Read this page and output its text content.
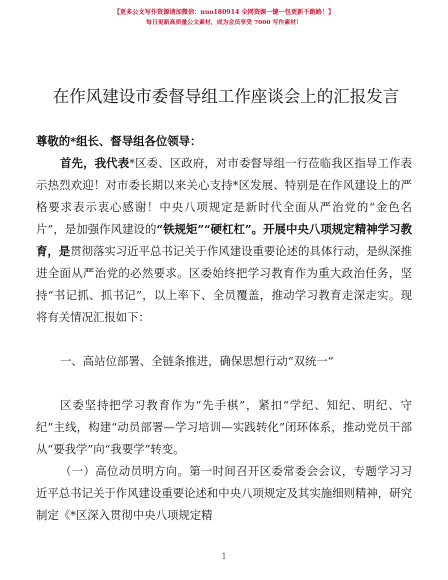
【更多公文写作资源请加微信：nuo180914 全网资源一键一包更新不跑路！】
每日更新高质量公文素材，成为会员享受 7000 写作素材！
在作风建设市委督导组工作座谈会上的汇报发言
尊敬的*组长、督导组各位领导：
首先，我代表*区委、区政府，对市委督导组一行莅临我区指导工作表示热烈欢迎！对市委长期以来关心支持*区发展、特别是在作风建设上的严格要求表示衷心感谢！中央八项规定是新时代全面从严治党的“金色名片”，是加强作风建设的“铁规矩”“硬杠杠”。开展中央八项规定精神学习教育，是贯彻落实习近平总书记关于作风建设重要论述的具体行动，是纵深推进全面从严治党的必然要求。区委始终把学习教育作为重大政治任务，坚持“书记抓、抓书记”，以上率下、全员覆盖，推动学习教育走深走实。现将有关情况汇报如下：
一、高站位部署、全链条推进，确保思想行动“双统一”
区委坚持把学习教育作为“先手棋”，紧扣“学纪、知纪、明纪、守纪”主线，构建“动员部署—学习培训—实践转化”闭环体系，推动党员干部从“要我学”向“我要学”转变。
（一）高位动员明方向。第一时间召开区委常委会会议，专题学习习近平总书记关于作风建设重要论述和中央八项规定及其实施细则精神，研究制定《*区深入贯彻中央八项规定精
1
